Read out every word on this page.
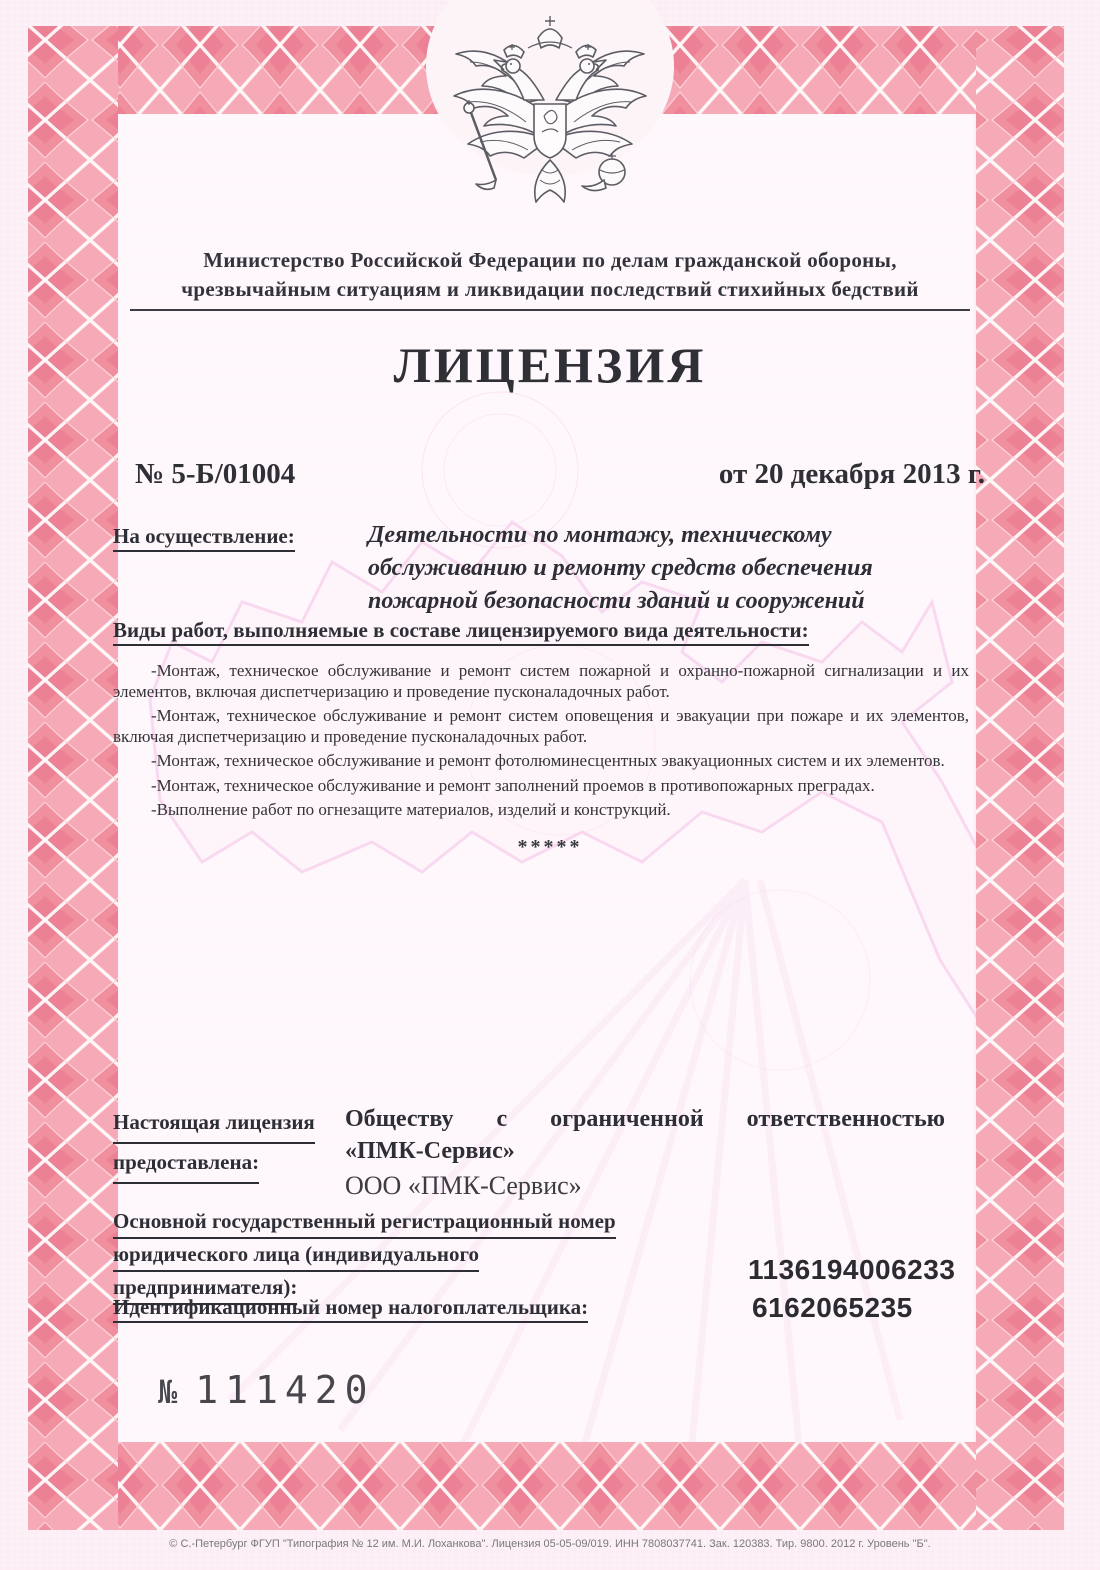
Министерство Российской Федерации по делам гражданской обороны,
чрезвычайным ситуациям и ликвидации последствий стихийных бедствий
ЛИЦЕНЗИЯ
№ 5-Б/01004	от 20 декабря 2013 г.
На осуществление:	Деятельности по монтажу, техническому
обслуживанию и ремонту средств обеспечения
пожарной безопасности зданий и сооружений
Виды работ, выполняемые в составе лицензируемого вида деятельности:

-Монтаж, техническое обслуживание и ремонт систем пожарной и охранно-пожарной сигнализации и их элементов, включая диспетчеризацию и проведение пусконаладочных работ.

-Монтаж, техническое обслуживание и ремонт систем оповещения и эвакуации при пожаре и их элементов, включая диспетчеризацию и проведение пусконаладочных работ.

-Монтаж, техническое обслуживание и ремонт фотолюминесцентных эвакуационных систем и их элементов.

-Монтаж, техническое обслуживание и ремонт заполнений проемов в противопожарных преградах.

-Выполнение работ по огнезащите материалов, изделий и конструкций.

*****
Настоящая лицензия
предоставлена:
Обществу с ограниченной ответственностью
«ПМК-Сервис»
ООО «ПМК-Сервис»
Основной государственный регистрационный номер
юридического лица (индивидуального
предпринимателя):
1136194006233
Идентификационный номер налогоплательщика:	6162065235
№ 111420
© С.-Петербург ФГУП "Типография № 12 им. М.И. Лоханкова". Лицензия 05-05-09/019. ИНН 7808037741. Зак. 120383. Тир. 9800. 2012 г. Уровень "Б".
